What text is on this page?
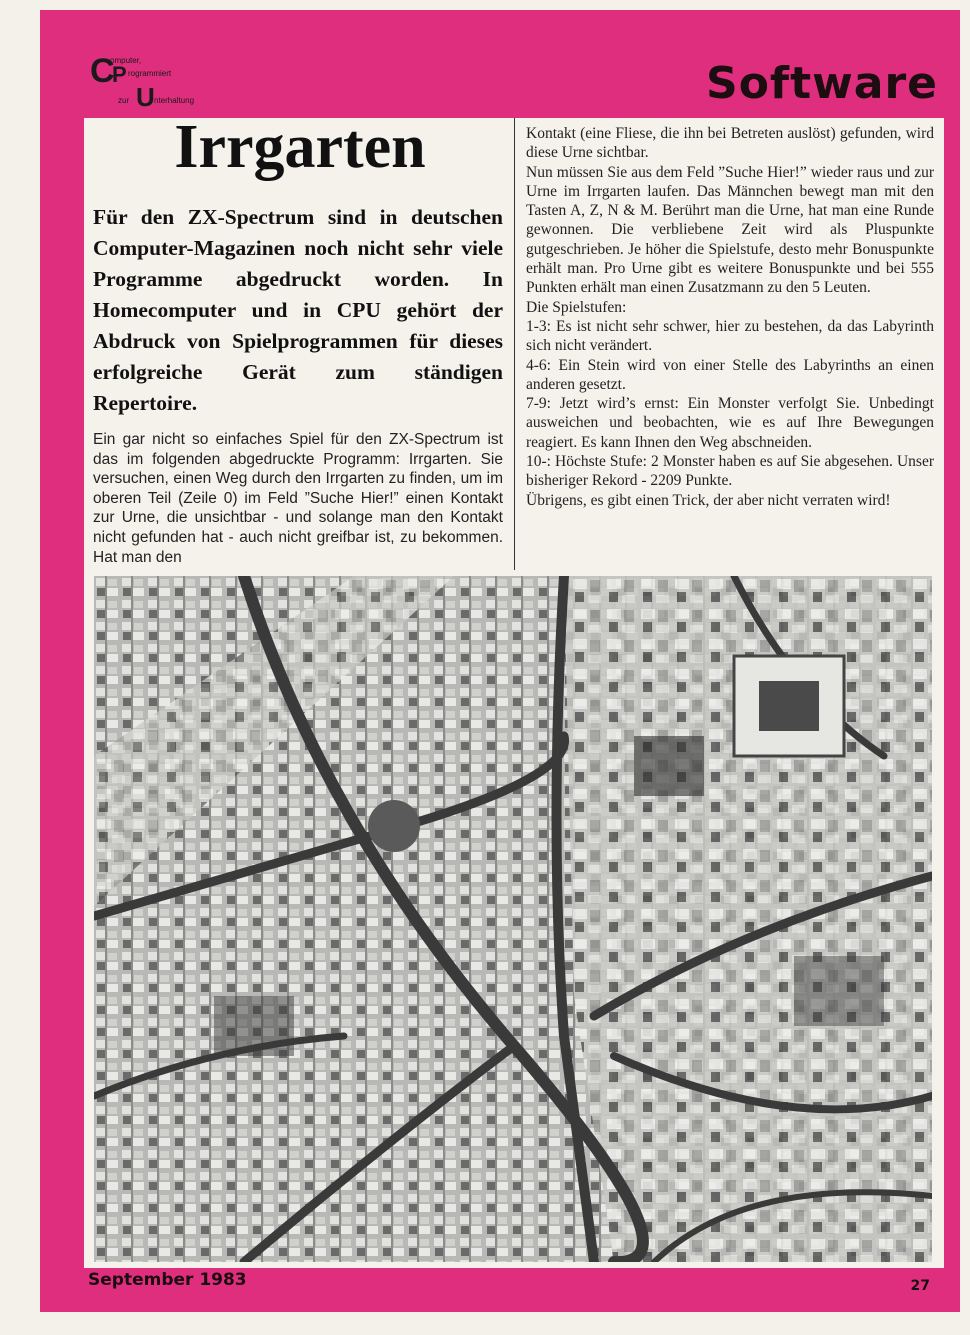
C
omputer,
P rogrammiert
zur U nterhaltung	Software
Irrgarten
Für den ZX-Spectrum sind in deutschen Computer-Magazinen noch nicht sehr viele Programme abgedruckt worden. In Homecomputer und in CPU gehört der Abdruck von Spielprogrammen für dieses erfolgreiche Gerät zum ständigen Repertoire.
Ein gar nicht so einfaches Spiel für den ZX-Spectrum ist das im folgenden abgedruckte Programm: Irrgarten. Sie versuchen, einen Weg durch den Irrgarten zu finden, um im oberen Teil (Zeile 0) im Feld ”Suche Hier!” einen Kontakt zur Urne, die unsichtbar - und solange man den Kontakt nicht gefunden hat - auch nicht greifbar ist, zu bekommen. Hat man den

Kontakt (eine Fliese, die ihn bei Betreten auslöst) gefunden, wird diese Urne sichtbar.

Nun müssen Sie aus dem Feld ”Suche Hier!” wieder raus und zur Urne im Irrgarten laufen. Das Männchen bewegt man mit den Tasten A, Z, N & M. Berührt man die Urne, hat man eine Runde gewonnen. Die verbliebene Zeit wird als Pluspunkte gutgeschrieben. Je höher die Spielstufe, desto mehr Bonuspunkte erhält man. Pro Urne gibt es weitere Bonuspunkte und bei 555 Punkten erhält man einen Zusatzmann zu den 5 Leuten.

Die Spielstufen:

1-3: Es ist nicht sehr schwer, hier zu bestehen, da das Labyrinth sich nicht verändert.

4-6: Ein Stein wird von einer Stelle des Labyrinths an einen anderen gesetzt.

7-9: Jetzt wird’s ernst: Ein Monster verfolgt Sie. Unbedingt ausweichen und beobachten, wie es auf Ihre Bewegungen reagiert. Es kann Ihnen den Weg abschneiden.

10-: Höchste Stufe: 2 Monster haben es auf Sie abgesehen. Unser bisheriger Rekord - 2209 Punkte.

Übrigens, es gibt einen Trick, der aber nicht verraten wird!

September 1983	27
